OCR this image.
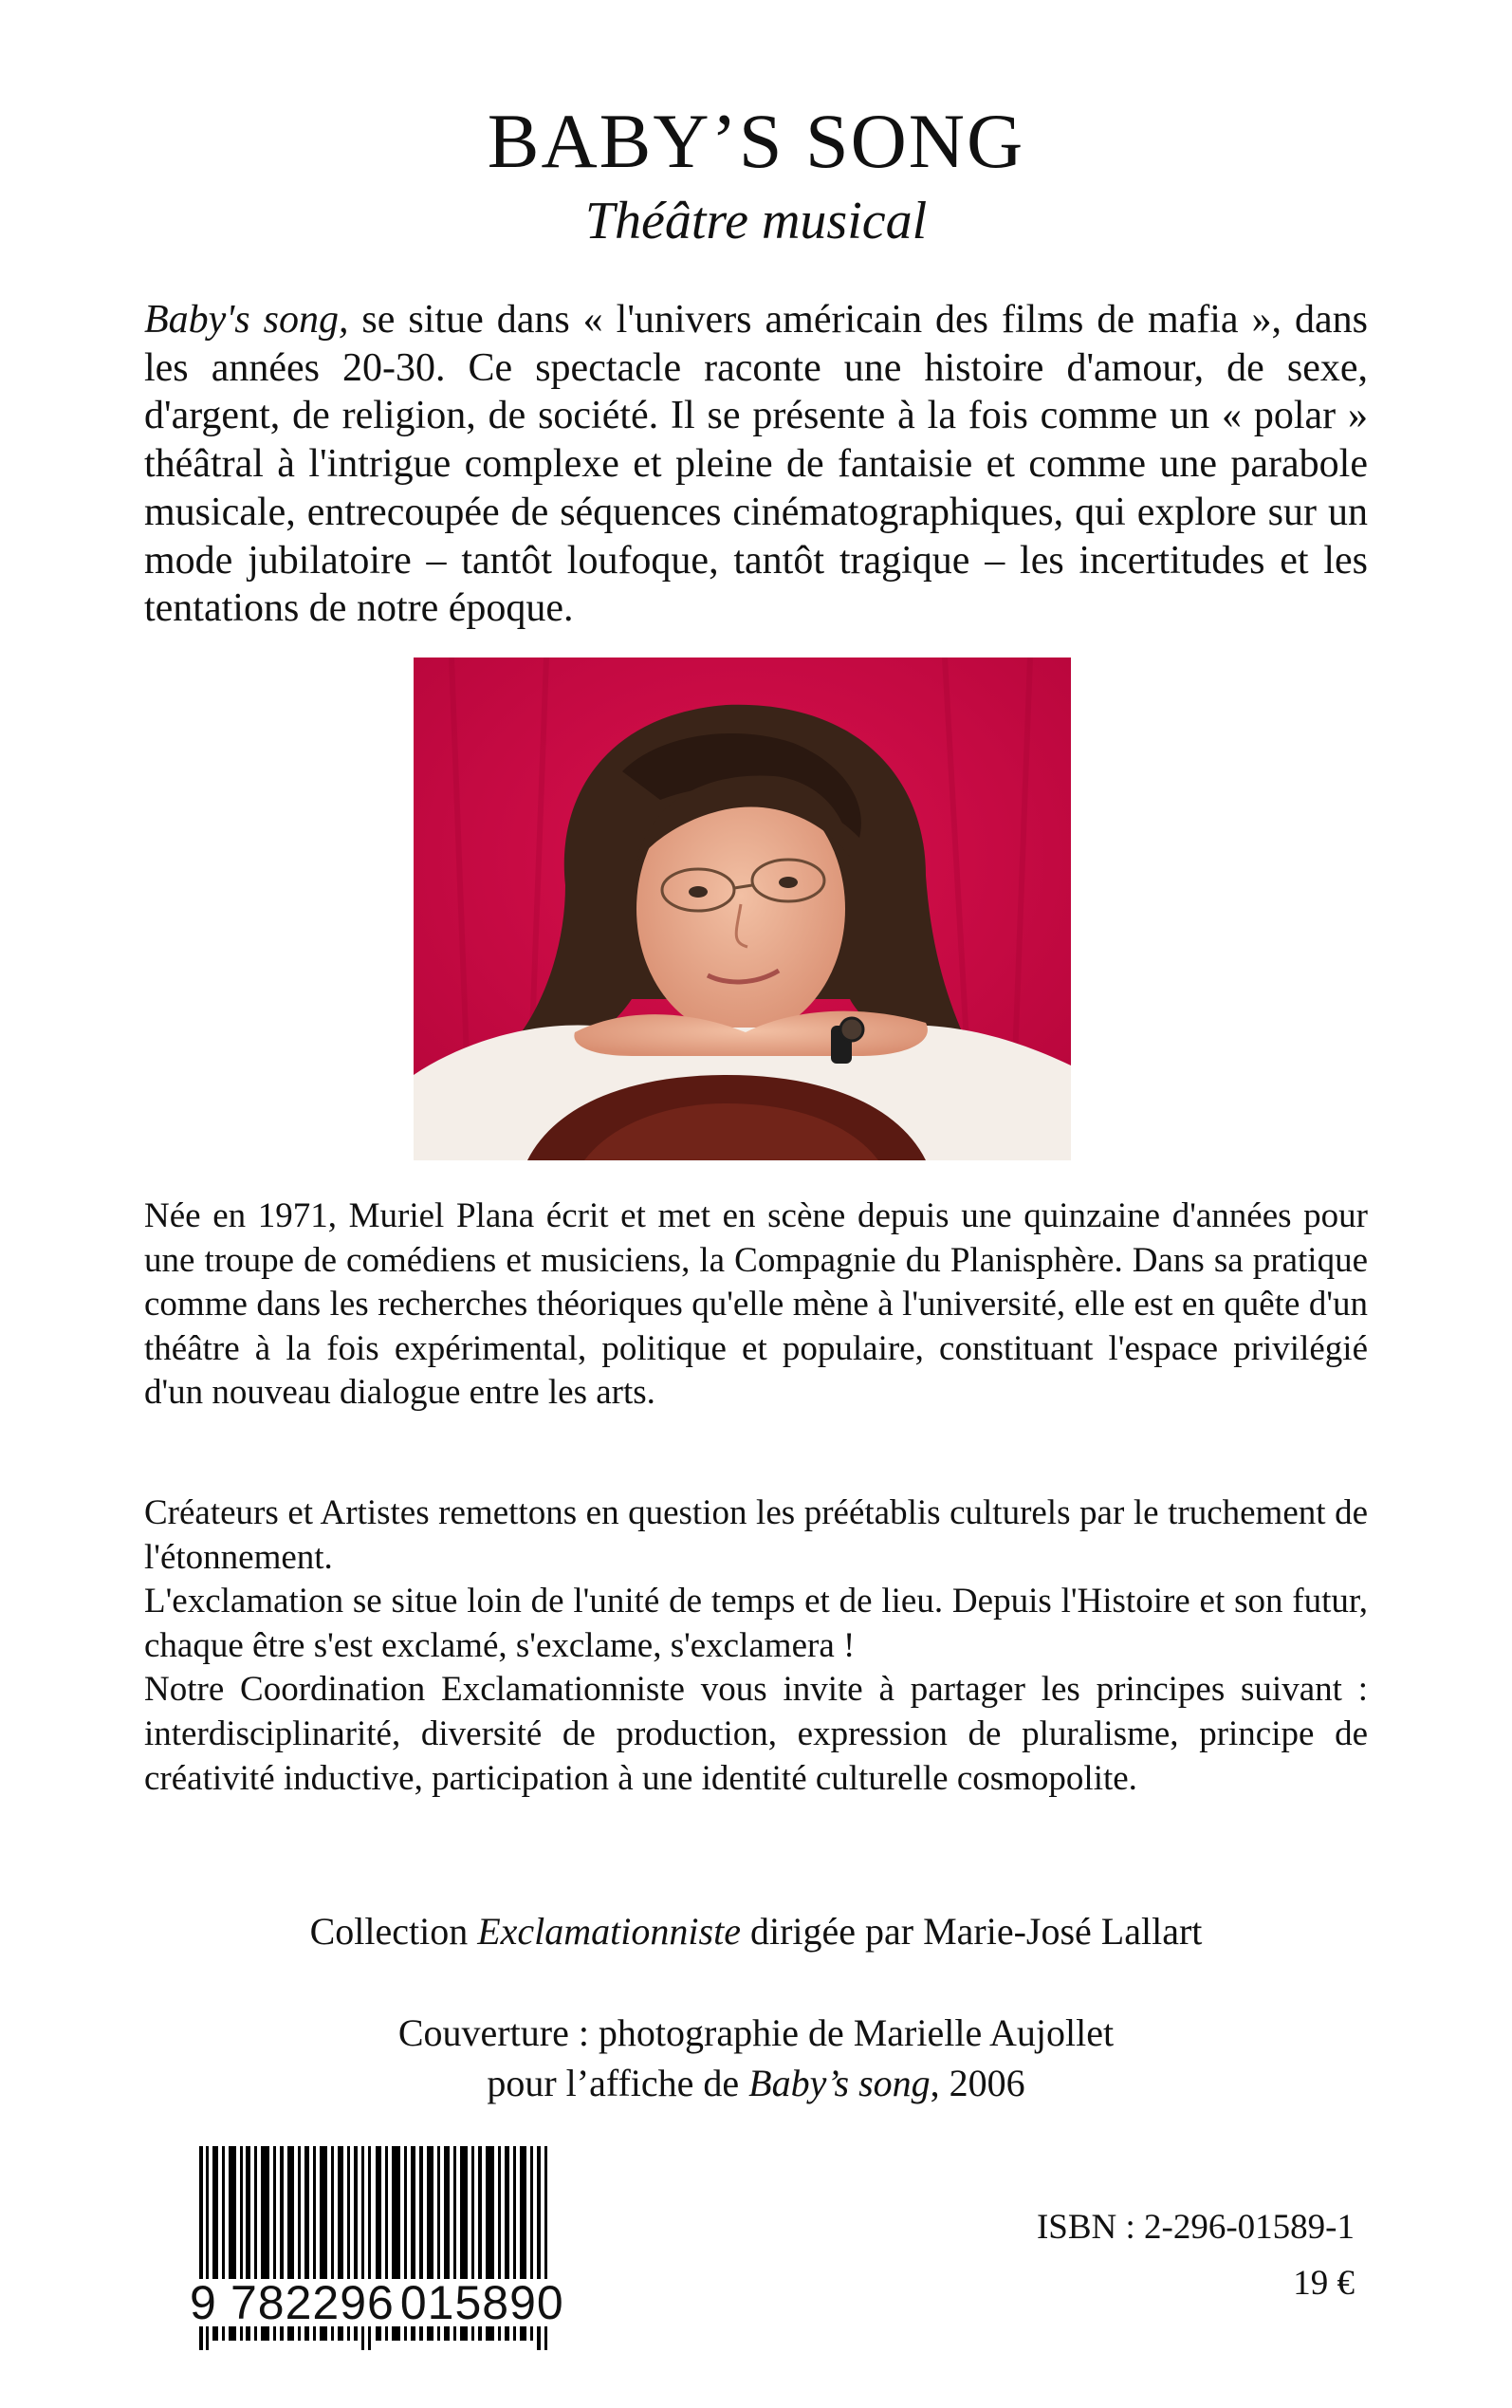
BABY’S SONG
Théâtre musical

Baby's song, se situe dans « l'univers américain des films de mafia », dans les années 20-30. Ce spectacle raconte une histoire d'amour, de sexe, d'argent, de religion, de société. Il se présente à la fois comme un « polar » théâtral à l'intrigue complexe et pleine de fantaisie et comme une parabole musicale, entrecoupée de séquences cinématographiques, qui explore sur un mode jubilatoire – tantôt loufoque, tantôt tragique – les incertitudes et les tentations de notre époque.

Née en 1971, Muriel Plana écrit et met en scène depuis une quinzaine d'années pour une troupe de comédiens et musiciens, la Compagnie du Planisphère. Dans sa pratique comme dans les recherches théoriques qu'elle mène à l'université, elle est en quête d'un théâtre à la fois expérimental, politique et populaire, constituant l'espace privilégié d'un nouveau dialogue entre les arts.

Créateurs et Artistes remettons en question les préétablis culturels par le truchement de l'étonnement.
L'exclamation se situe loin de l'unité de temps et de lieu. Depuis l'Histoire et son futur, chaque être s'est exclamé, s'exclame, s'exclamera !
Notre Coordination Exclamationniste vous invite à partager les principes suivant : interdisciplinarité, diversité de production, expression de pluralisme, principe de créativité inductive, participation à une identité culturelle cosmopolite.

Collection Exclamationniste dirigée par Marie-José Lallart

Couverture : photographie de Marielle Aujollet
pour l’affiche de Baby’s song, 2006

9 782296 015890

ISBN : 2-296-01589-1

19 €
